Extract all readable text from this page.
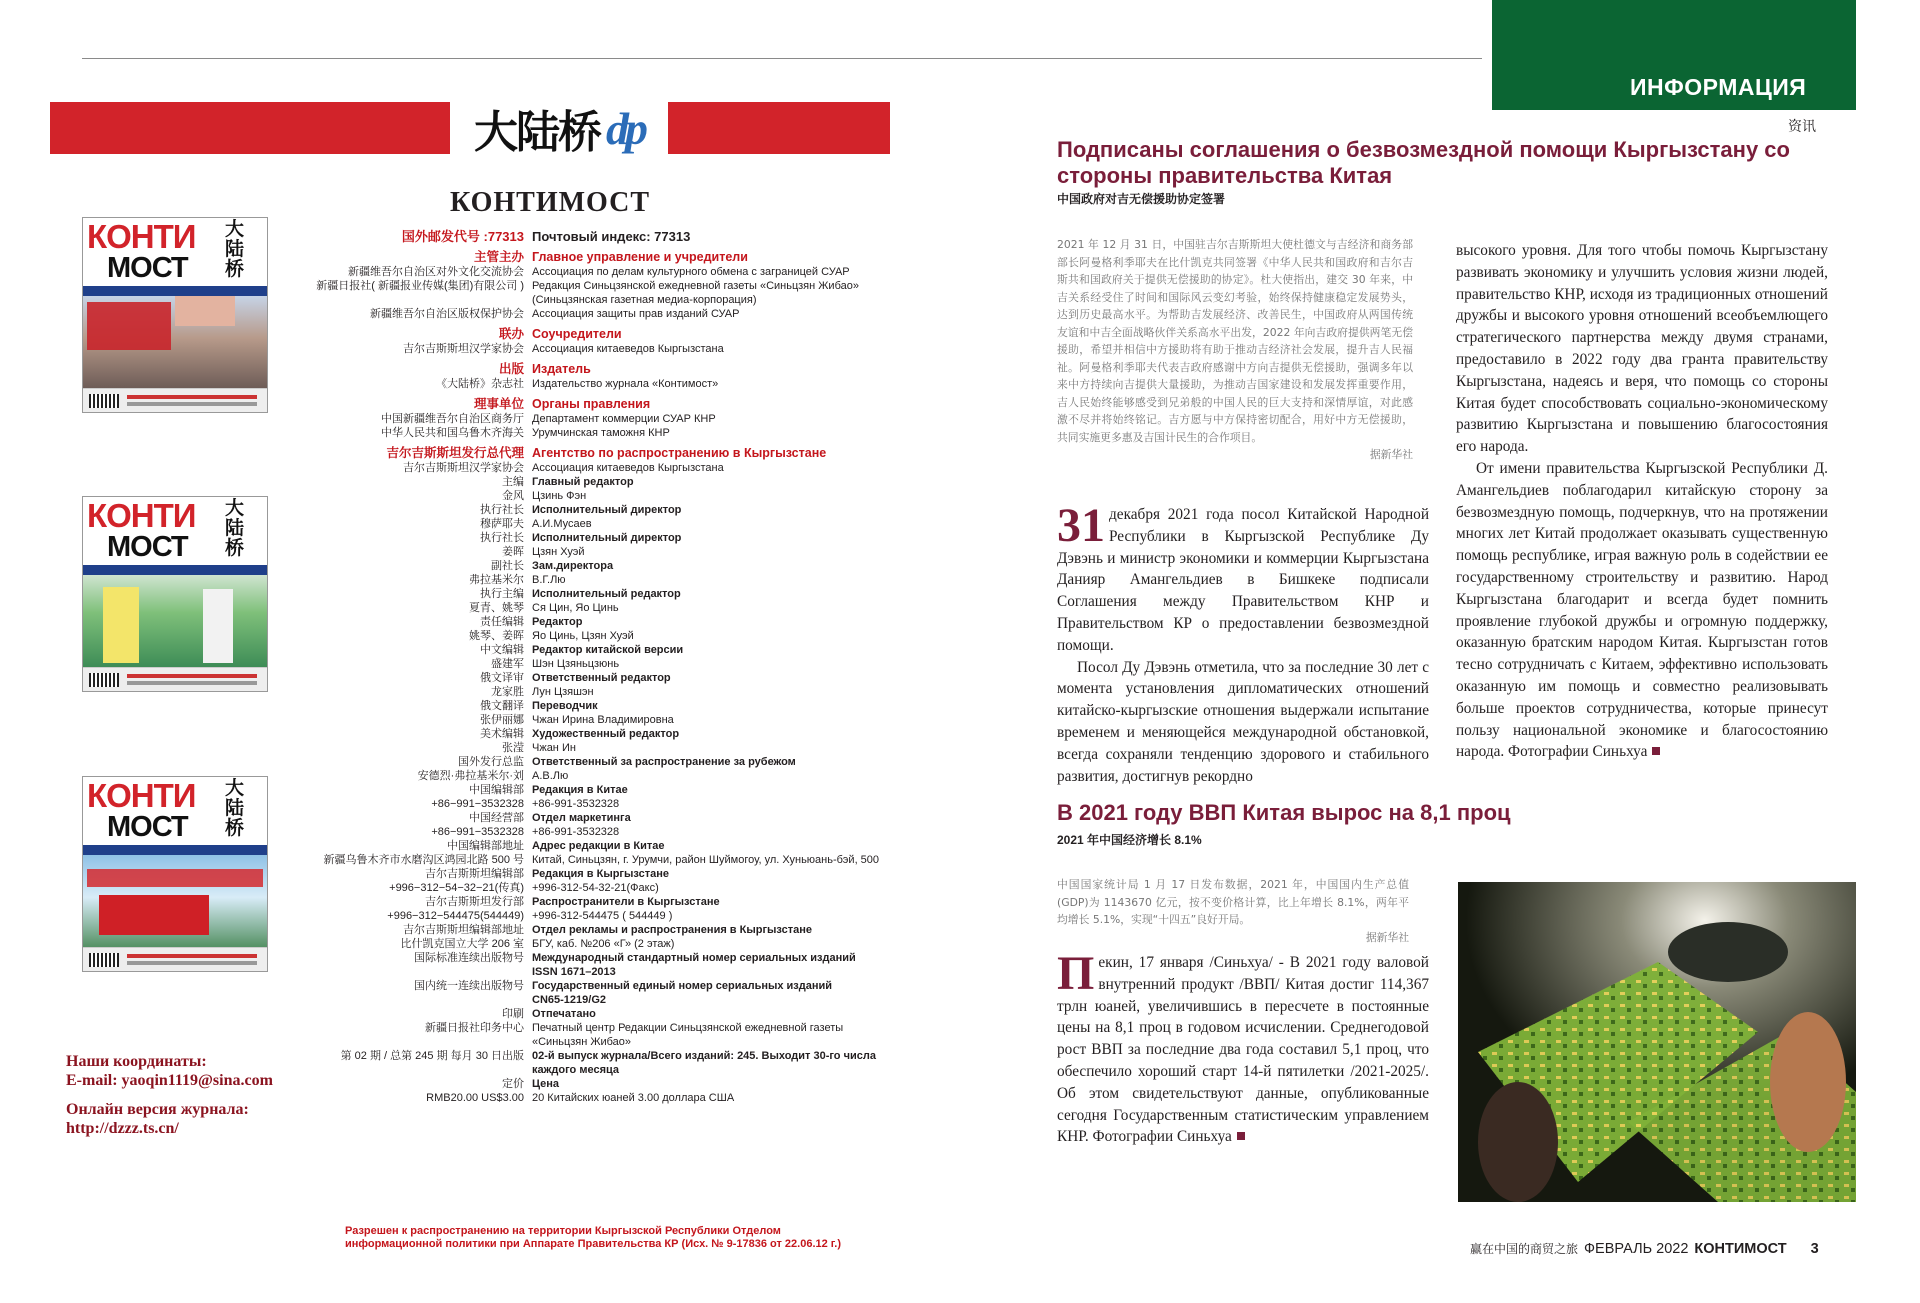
大陆桥 dp
КОНТИМОСТ
КОНТИ
МОСТ
大陆桥
КОНТИ
МОСТ
大陆桥
КОНТИ
МОСТ
大陆桥
国外邮发代号 :77313 Почтовый индекс: 77313
主管主办 Главное управление и учредители
新疆维吾尔自治区对外文化交流协会 Ассоциация по делам культурного обмена с заграницей СУАР
新疆日报社( 新疆报业传媒(集团)有限公司 ) Редакция Синьцзянской ежедневной газеты «Синьцзян Жибао» (Синьцзянская газетная медиа-корпорация)
新疆维吾尔自治区版权保护协会 Ассоциация защиты прав изданий СУАР
联办 Соучредители
吉尔吉斯斯坦汉学家协会 Ассоциация китаеведов Кыргызстана
出版 Издатель
《大陆桥》杂志社 Издательство журнала «Контимост»
理事单位 Органы правления
中国新疆维吾尔自治区商务厅 Департамент коммерции СУАР КНР
中华人民共和国乌鲁木齐海关 Урумчинская таможня КНР
吉尔吉斯斯坦发行总代理 Агентство по распространению в Кыргызстане
吉尔吉斯斯坦汉学家协会 Ассоциация китаеведов Кыргызстана
主编 Главный редактор
金风 Цзинь Фэн
执行社长 Исполнительный директор
穆萨耶夫 А.И.Мусаев
执行社长 Исполнительный директор
姜晖 Цзян Хуэй
副社长 Зам.директора
弗拉基米尔 В.Г.Лю
执行主编 Исполнительный редактор
夏青、姚琴 Ся Цин, Яо Цинь
责任编辑 Редактор
姚琴、姜晖 Яо Цинь, Цзян Хуэй
中文编辑 Редактор китайской версии
盛建军 Шэн Цзяньцзюнь
俄文译审 Ответственный редактор
龙家胜 Лун Цзяшэн
俄文翻译 Переводчик
张伊丽娜 Чжан Ирина Владимировна
美术编辑 Художественный редактор
张滢 Чжан Ин
国外发行总监 Ответственный за распространение за рубежом
安德烈·弗拉基米尔·刘 А.В.Лю
中国编辑部 Редакция в Китае
+86−991−3532328 +86-991-3532328
中国经营部 Отдел маркетинга
+86−991−3532328 +86-991-3532328
中国编辑部地址 Адрес редакции в Китае
新疆乌鲁木齐市水磨沟区鸿园北路 500 号 Китай, Синьцзян, г. Урумчи, район Шуймогоу, ул. Хуньюань-бэй, 500
吉尔吉斯斯坦编辑部 Редакция в Кыргызстане
+996−312−54−32−21(传真) +996-312-54-32-21(Факс)
吉尔吉斯斯坦发行部 Распространители в Кыргызстане
+996−312−544475(544449) +996-312-544475 ( 544449 )
吉尔吉斯斯坦编辑部地址 Отдел рекламы и распространения в Кыргызстане
比什凯克国立大学 206 室 БГУ, каб. №206 «Г» (2 этаж)
国际标准连续出版物号 Международный стандартный номер сериальных изданий
ISSN 1671–2013
国内统一连续出版物号 Государственный единый номер сериальных изданий
CN65-1219/G2
印刷 Отпечатано
新疆日报社印务中心 Печатный центр Редакции Синьцзянской ежедневной газеты «Синьцзян Жибао»
第 02 期 / 总第 245 期 每月 30 日出版 02-й выпуск журнала/Всего изданий: 245. Выходит 30-го числа каждого месяца
定价 Цена
RMB20.00 US$3.00 20 Китайских юаней 3.00 доллара США
Наши координаты:
E-mail: yaoqin1119@sina.com
Онлайн версия журнала:
http://dzzz.ts.cn/
Разрешен к распространению на территории Кыргызской Республики Отделом информационной политики при Аппарате Правительства КР (Исх. № 9-17836 от 22.06.12 г.)
ИНФОРМАЦИЯ
资讯
Подписаны соглашения о безвозмездной помощи Кыргызстану со стороны правительства Китая
中国政府对吉无偿援助协定签署
2021 年 12 月 31 日，中国驻吉尔吉斯斯坦大使杜德文与吉经济和商务部部长阿曼格利季耶夫在比什凯克共同签署《中华人民共和国政府和吉尔吉斯共和国政府关于提供无偿援助的协定》。杜大使指出，建交 30 年来，中吉关系经受住了时间和国际风云变幻考验，始终保持健康稳定发展势头，达到历史最高水平。为帮助吉发展经济、改善民生，中国政府从两国传统友谊和中吉全面战略伙伴关系高水平出发，2022 年向吉政府提供两笔无偿援助，希望并相信中方援助将有助于推动吉经济社会发展，提升吉人民福祉。阿曼格利季耶夫代表吉政府感谢中方向吉提供无偿援助，强调多年以来中方持续向吉提供大量援助，为推动吉国家建设和发展发挥重要作用，吉人民始终能够感受到兄弟般的中国人民的巨大支持和深情厚谊，对此感激不尽并将始终铭记。吉方愿与中方保持密切配合，用好中方无偿援助，共同实施更多惠及吉国计民生的合作项目。
据新华社
31 декабря 2021 года посол Китайской Народной Республики в Кыргызской Республике Ду Дэвэнь и министр экономики и коммерции Кыргызстана Данияр Амангельдиев в Бишкеке подписали Соглашения между Правительством КНР и Правительством КР о предоставлении безвозмездной помощи.
Посол Ду Дэвэнь отметила, что за последние 30 лет с момента установления дипломатических отношений китайско-кыргызские отношения выдержали испытание временем и меняющейся международной обстановкой, всегда сохраняли тенденцию здорового и стабильного развития, достигнув рекордно
высокого уровня. Для того чтобы помочь Кыргызстану развивать экономику и улучшить условия жизни людей, правительство КНР, исходя из традиционных отношений дружбы и высокого уровня отношений всеобъемлющего стратегического партнерства между двумя странами, предоставило в 2022 году два гранта правительству Кыргызстана, надеясь и веря, что помощь со стороны Китая будет способствовать социально-экономическому развитию Кыргызстана и повышению благосостояния его народа.
От имени правительства Кыргызской Республики Д. Амангельдиев поблагодарил китайскую сторону за безвозмездную помощь, подчеркнув, что на протяжении многих лет Китай продолжает оказывать существенную помощь республике, играя важную роль в содействии ее государственному строительству и развитию. Народ Кыргызстана благодарит и всегда будет помнить проявление глубокой дружбы и огромную поддержку, оказанную братским народом Китая. Кыргызстан готов тесно сотрудничать с Китаем, эффективно использовать оказанную им помощь и совместно реализовывать больше проектов сотрудничества, которые принесут пользу национальной экономике и благосостоянию народа. Фотографии Синьхуа
В 2021 году ВВП Китая вырос на 8,1 проц
2021 年中国经济增长 8.1%
中国国家统计局 1 月 17 日发布数据，2021 年，中国国内生产总值(GDP)为 1143670 亿元，按不变价格计算，比上年增长 8.1%，两年平均增长 5.1%，实现“十四五”良好开局。
据新华社
П екин, 17 января /Синьхуа/ - В 2021 году валовой внутренний продукт /ВВП/ Китая достиг 114,367 трлн юаней, увеличившись в пересчете в постоянные цены на 8,1 проц в годовом исчислении. Среднегодовой рост ВВП за последние два года составил 5,1 проц, что обеспечило хороший старт 14-й пятилетки /2021-2025/. Об этом свидетельствуют данные, опубликованные сегодня Государственным статистическим управлением КНР. Фотографии Синьхуа
赢在中国的商贸之旅 ФЕВРАЛЬ 2022 КОНТИМОСТ 3
